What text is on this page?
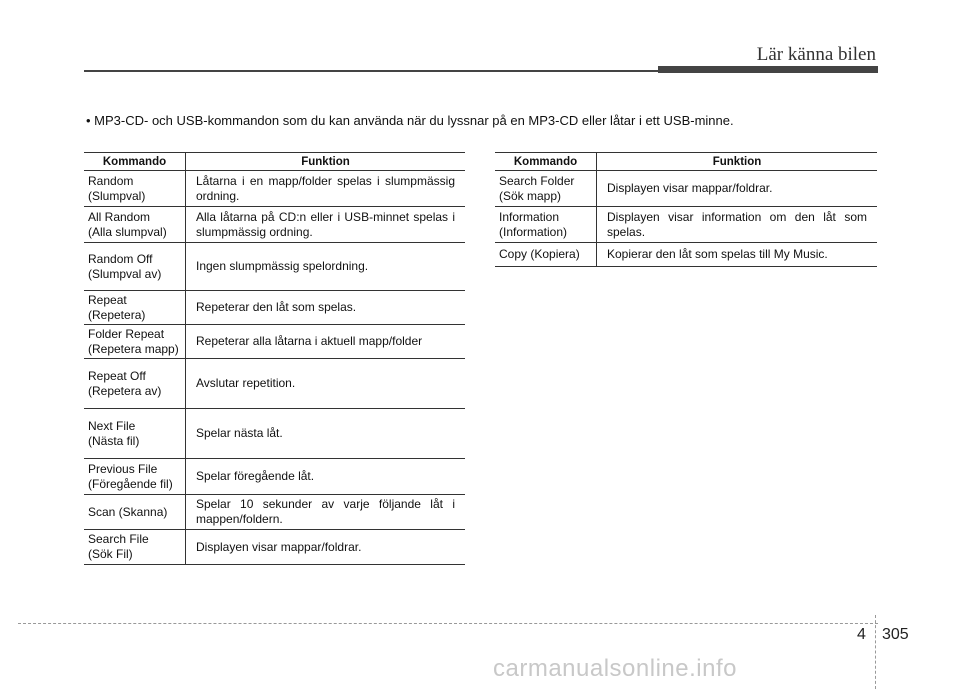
Lär känna bilen
• MP3-CD- och USB-kommandon som du kan använda när du lyssnar på en MP3-CD eller låtar i ett USB-minne.
Kommando	Funktion

Random
(Slumpval)	Låtarna i en mapp/folder spelas i slumpmässig ordning.

All Random
(Alla slumpval)	Alla låtarna på CD:n eller i USB-minnet spelas i slumpmässig ordning.

Random Off
(Slumpval av)	Ingen slumpmässig spelordning.

Repeat
(Repetera)	Repeterar den låt som spelas.

Folder Repeat
(Repetera mapp)	Repeterar alla låtarna i aktuell mapp/folder

Repeat Off
(Repetera av)	Avslutar repetition.

Next File
(Nästa fil)	Spelar nästa låt.

Previous File
(Föregående fil)	Spelar föregående låt.

Scan (Skanna)	Spelar 10 sekunder av varje följande låt i mappen/foldern.

Search File
(Sök Fil)	Displayen visar mappar/foldrar.
Kommando	Funktion

Search Folder
(Sök mapp)	Displayen visar mappar/foldrar.

Information
(Information)	Displayen visar information om den låt som spelas.

Copy (Kopiera)	Kopierar den låt som spelas till My Music.
4 305
carmanualsonline.info
